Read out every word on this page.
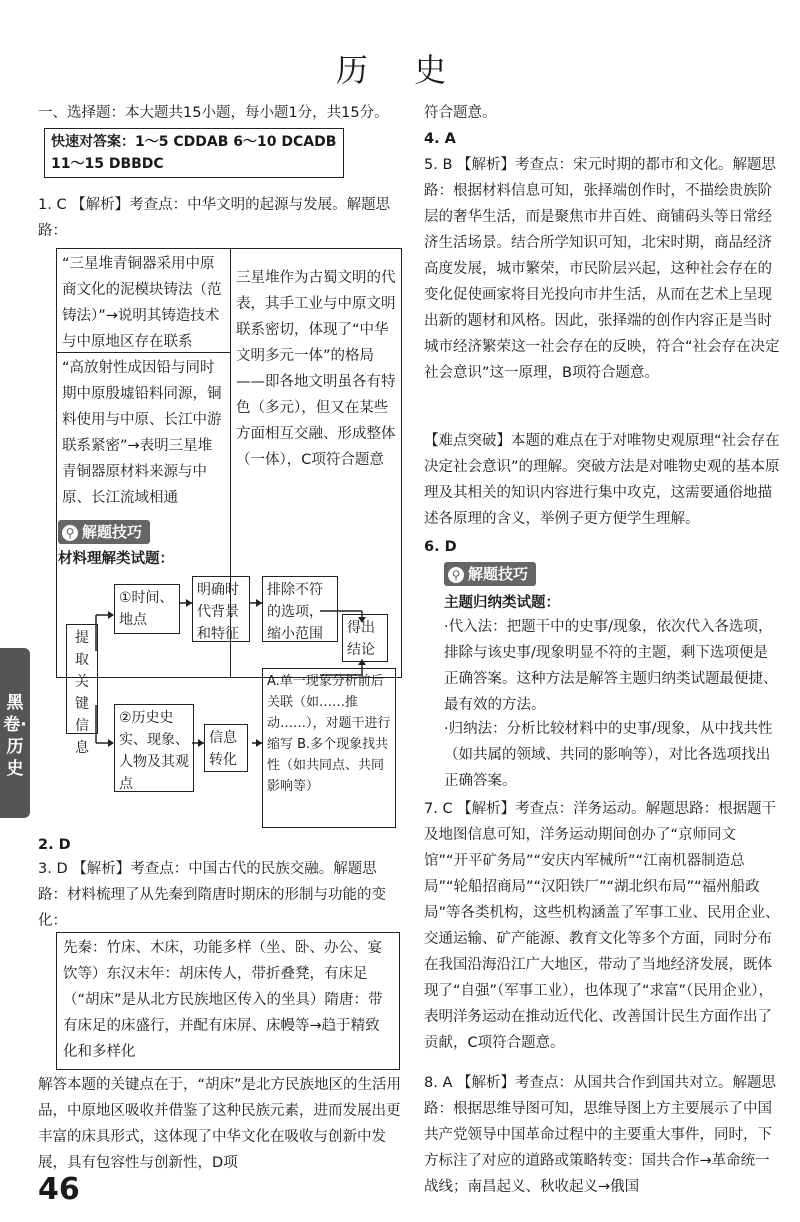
历 史

一、选择题：本大题共15小题，每小题1分，共15分。

快速对答案：1～5 CDDAB 6～10 DCADB
11～15 DBBDC

1. C 【解析】考查点：中华文明的起源与发展。解题思路：

“三星堆青铜器采用中原商文化的泥模块铸法（范铸法）”→说明其铸造技术与中原地区存在联系
“高放射性成因铅与同时期中原殷墟铅料同源，铜料使用与中原、长江中游联系紧密”→表明三星堆青铜器原材料来源与中原、长江流域相通
三星堆作为古蜀文明的代表，其手工业与中原文明联系密切，体现了“中华文明多元一体”的格局——即各地文明虽各有特色（多元），但又在某些方面相互交融、形成整体（一体），C项符合题意
⚲ 解题技巧

材料理解类试题：

提取关键信息
①时间、地点
明确时代背景和特征
排除不符的选项，缩小范围	得出结论
②历史史实、现象、人物及其观点
信息转化
A.单一现象分析前后关联（如……推动……），对题干进行缩写 B.多个现象找共性（如共同点、共同影响等）
黑卷·历史

2. D

3. D 【解析】考查点：中国古代的民族交融。解题思路：材料梳理了从先秦到隋唐时期床的形制与功能的变化：

先秦：竹床、木床，功能多样（坐、卧、办公、宴饮等）东汉末年：胡床传人，带折叠凳，有床足（“胡床”是从北方民族地区传入的坐具）隋唐：带有床足的床盛行，并配有床屏、床幔等→趋于精致化和多样化

解答本题的关键点在于，“胡床”是北方民族地区的生活用品，中原地区吸收并借鉴了这种民族元素，进而发展出更丰富的床具形式，这体现了中华文化在吸收与创新中发展，具有包容性与创新性，D项

46

符合题意。

4. A

5. B 【解析】考查点：宋元时期的都市和文化。解题思路：根据材料信息可知，张择端创作时，不描绘贵族阶层的奢华生活，而是聚焦市井百姓、商铺码头等日常经济生活场景。结合所学知识可知，北宋时期，商品经济高度发展，城市繁荣，市民阶层兴起，这种社会存在的变化促使画家将目光投向市井生活，从而在艺术上呈现出新的题材和风格。因此，张择端的创作内容正是当时城市经济繁荣这一社会存在的反映，符合“社会存在决定社会意识”这一原理，B项符合题意。

【难点突破】本题的难点在于对唯物史观原理“社会存在决定社会意识”的理解。突破方法是对唯物史观的基本原理及其相关的知识内容进行集中攻克，这需要通俗地描述各原理的含义，举例子更方便学生理解。

6. D

⚲ 解题技巧

主题归纳类试题：

·代入法：把题干中的史事/现象，依次代入各选项，排除与该史事/现象明显不符的主题，剩下选项便是正确答案。这种方法是解答主题归纳类试题最便捷、最有效的方法。

·归纳法：分析比较材料中的史事/现象，从中找共性（如共属的领域、共同的影响等），对比各选项找出正确答案。

7. C 【解析】考查点：洋务运动。解题思路：根据题干及地图信息可知，洋务运动期间创办了“京师同文馆”“开平矿务局”“安庆内军械所”“江南机器制造总局”“轮船招商局”“汉阳铁厂”“湖北织布局”“福州船政局”等各类机构，这些机构涵盖了军事工业、民用企业、交通运输、矿产能源、教育文化等多个方面，同时分布在我国沿海沿江广大地区，带动了当地经济发展，既体现了“自强”（军事工业），也体现了“求富”（民用企业），表明洋务运动在推动近代化、改善国计民生方面作出了贡献，C项符合题意。

8. A 【解析】考查点：从国共合作到国共对立。解题思路：根据思维导图可知，思维导图上方主要展示了中国共产党领导中国革命过程中的主要重大事件，同时，下方标注了对应的道路或策略转变：国共合作→革命统一战线；南昌起义、秋收起义→俄国
